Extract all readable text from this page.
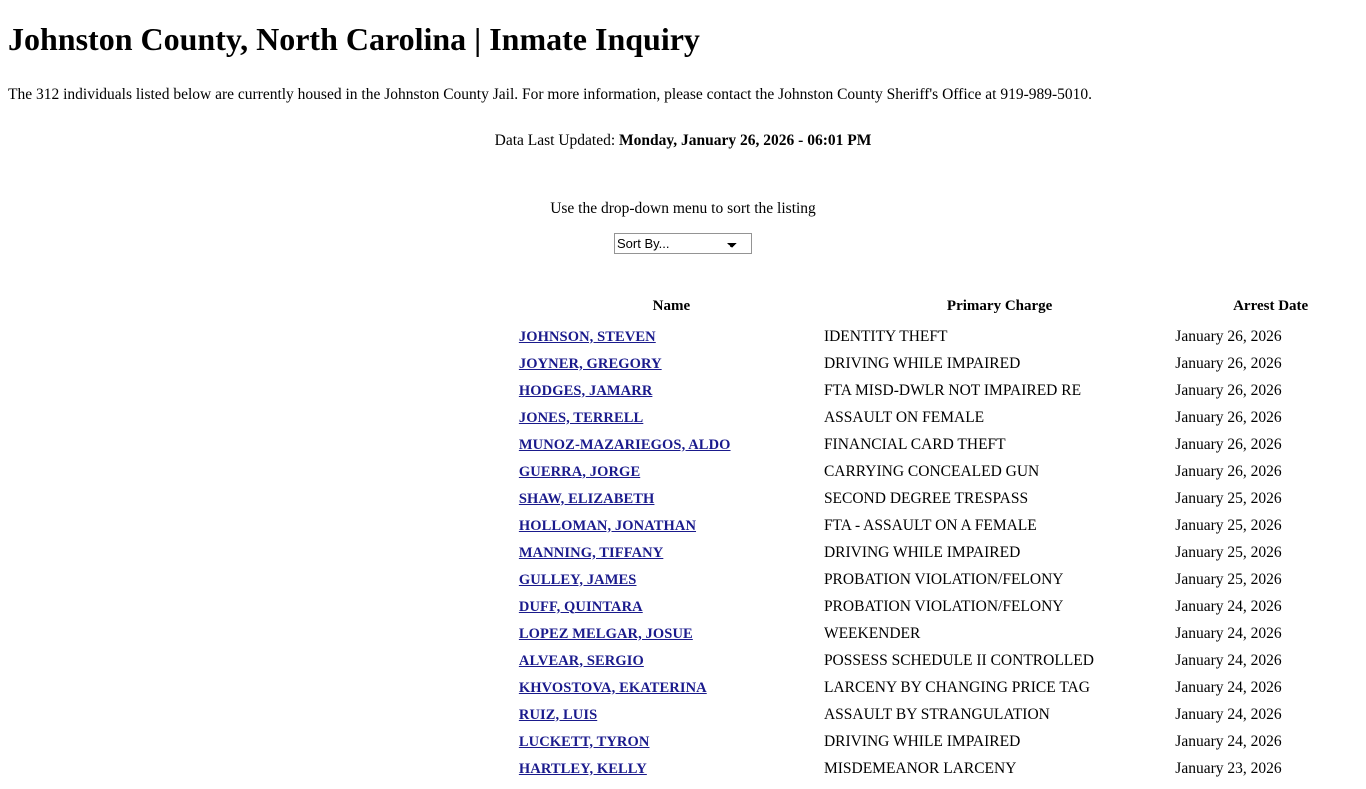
Johnston County, North Carolina | Inmate Inquiry

The 312 individuals listed below are currently housed in the Johnston County Jail. For more information, please contact the Johnston County Sheriff's Office at 919-989-5010.

Data Last Updated: Monday, January 26, 2026 - 06:01 PM

Use the drop-down menu to sort the listing

Sort By...
	Name	Primary Charge	Arrest Date
	JOHNSON, STEVEN	IDENTITY THEFT	January 26, 2026
	JOYNER, GREGORY	DRIVING WHILE IMPAIRED	January 26, 2026
	HODGES, JAMARR	FTA MISD-DWLR NOT IMPAIRED RE	January 26, 2026
	JONES, TERRELL	ASSAULT ON FEMALE	January 26, 2026
	MUNOZ-MAZARIEGOS, ALDO	FINANCIAL CARD THEFT	January 26, 2026
	GUERRA, JORGE	CARRYING CONCEALED GUN	January 26, 2026
	SHAW, ELIZABETH	SECOND DEGREE TRESPASS	January 25, 2026
	HOLLOMAN, JONATHAN	FTA - ASSAULT ON A FEMALE	January 25, 2026
	MANNING, TIFFANY	DRIVING WHILE IMPAIRED	January 25, 2026
	GULLEY, JAMES	PROBATION VIOLATION/FELONY	January 25, 2026
	DUFF, QUINTARA	PROBATION VIOLATION/FELONY	January 24, 2026
	LOPEZ MELGAR, JOSUE	WEEKENDER	January 24, 2026
	ALVEAR, SERGIO	POSSESS SCHEDULE II CONTROLLED	January 24, 2026
	KHVOSTOVA, EKATERINA	LARCENY BY CHANGING PRICE TAG	January 24, 2026
	RUIZ, LUIS	ASSAULT BY STRANGULATION	January 24, 2026
	LUCKETT, TYRON	DRIVING WHILE IMPAIRED	January 24, 2026
	HARTLEY, KELLY	MISDEMEANOR LARCENY	January 23, 2026
